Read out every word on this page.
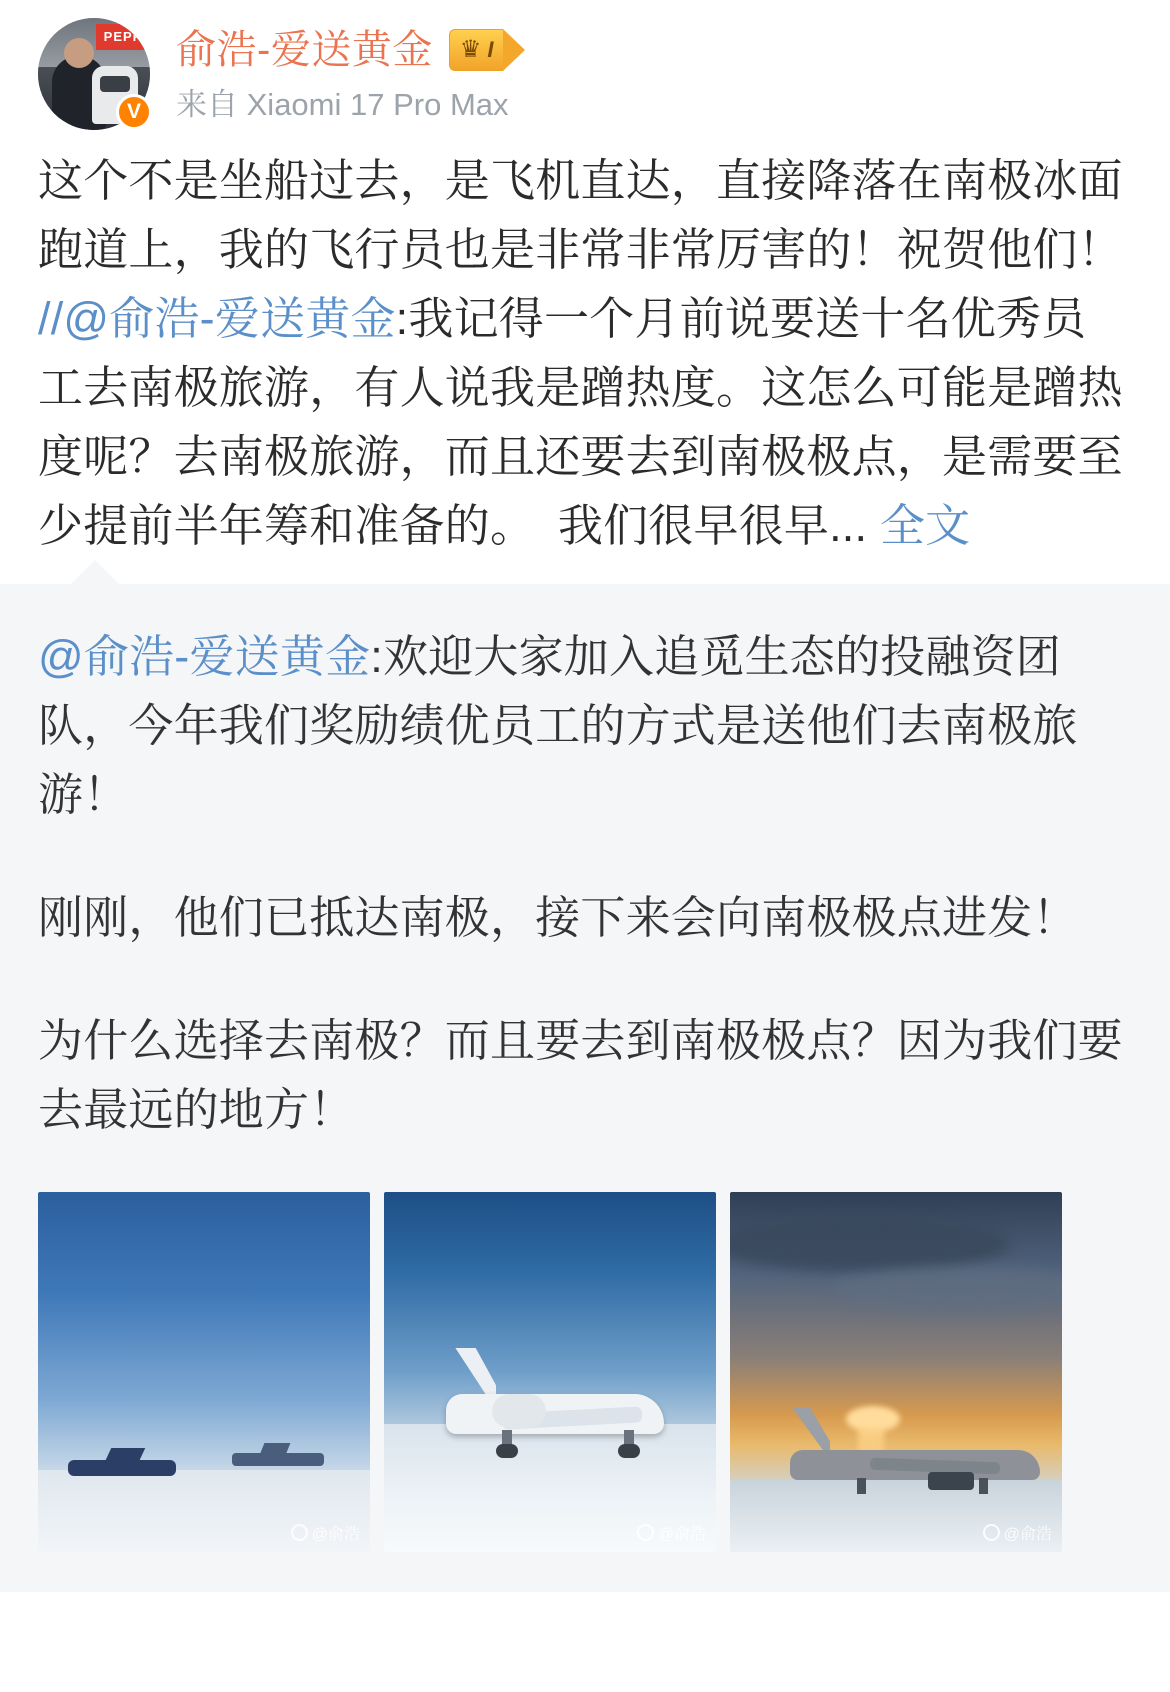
PEPP
V
俞浩-爱送黄金 ♛ I
来自 Xiaomi 17 Pro Max
这个不是坐船过去，是飞机直达，直接降落在南极冰面跑道上，我的飞行员也是非常非常厉害的！祝贺他们！　//@俞浩-爱送黄金:我记得一个月前说要送十名优秀员工去南极旅游，有人说我是蹭热度。这怎么可能是蹭热度呢？去南极旅游，而且还要去到南极极点，是需要至少提前半年筹和准备的。　我们很早很早... 全文
@俞浩-爱送黄金:欢迎大家加入追觅生态的投融资团队，今年我们奖励绩优员工的方式是送他们去南极旅游！
刚刚，他们已抵达南极，接下来会向南极极点进发！
为什么选择去南极？而且要去到南极极点？因为我们要去最远的地方！
@俞浩	@俞浩	@俞浩
